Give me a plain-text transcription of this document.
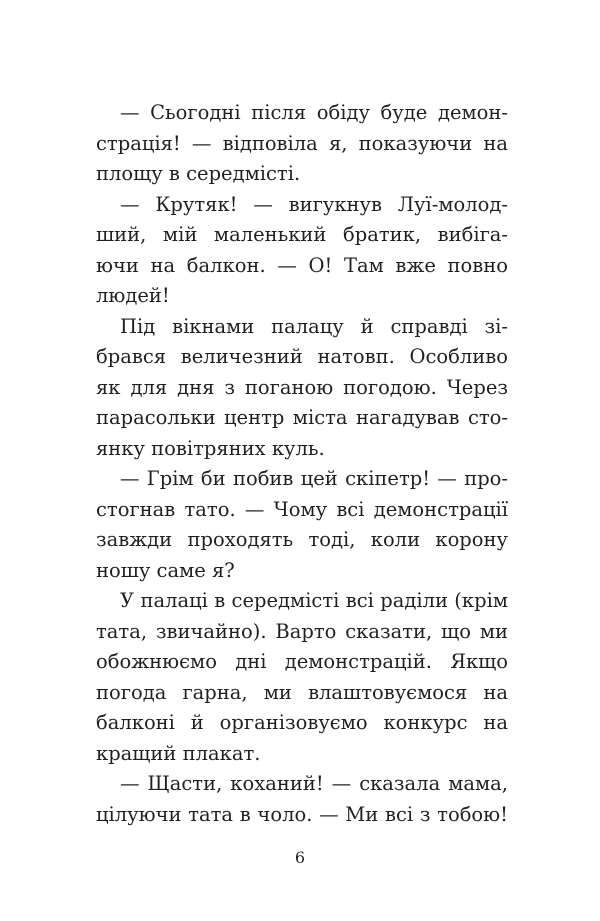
— Сьогодні після обіду буде демон-
страція! — відповіла я, показуючи на
площу в середмісті.

— Крутяк! — вигукнув Луї-молод-
ший, мій маленький братик, вибіга-
ючи на балкон. — О! Там вже повно
людей!

Під вікнами палацу й справді зі-
брався величезний натовп. Особливо
як для дня з поганою погодою. Через
парасольки центр міста нагадував сто-
янку повітряних куль.

— Грім би побив цей скіпетр! — про-
стогнав тато. — Чому всі демонстрації
завжди проходять тоді, коли корону
ношу саме я?

У палаці в середмісті всі раділи (крім
тата, звичайно). Варто сказати, що ми
обожнюємо дні демонстрацій. Якщо
погода гарна, ми влаштовуємося на
балконі й організовуємо конкурс на
кращий плакат.

— Щасти, коханий! — сказала мама,
цілуючи тата в чоло. — Ми всі з тобою!

6
